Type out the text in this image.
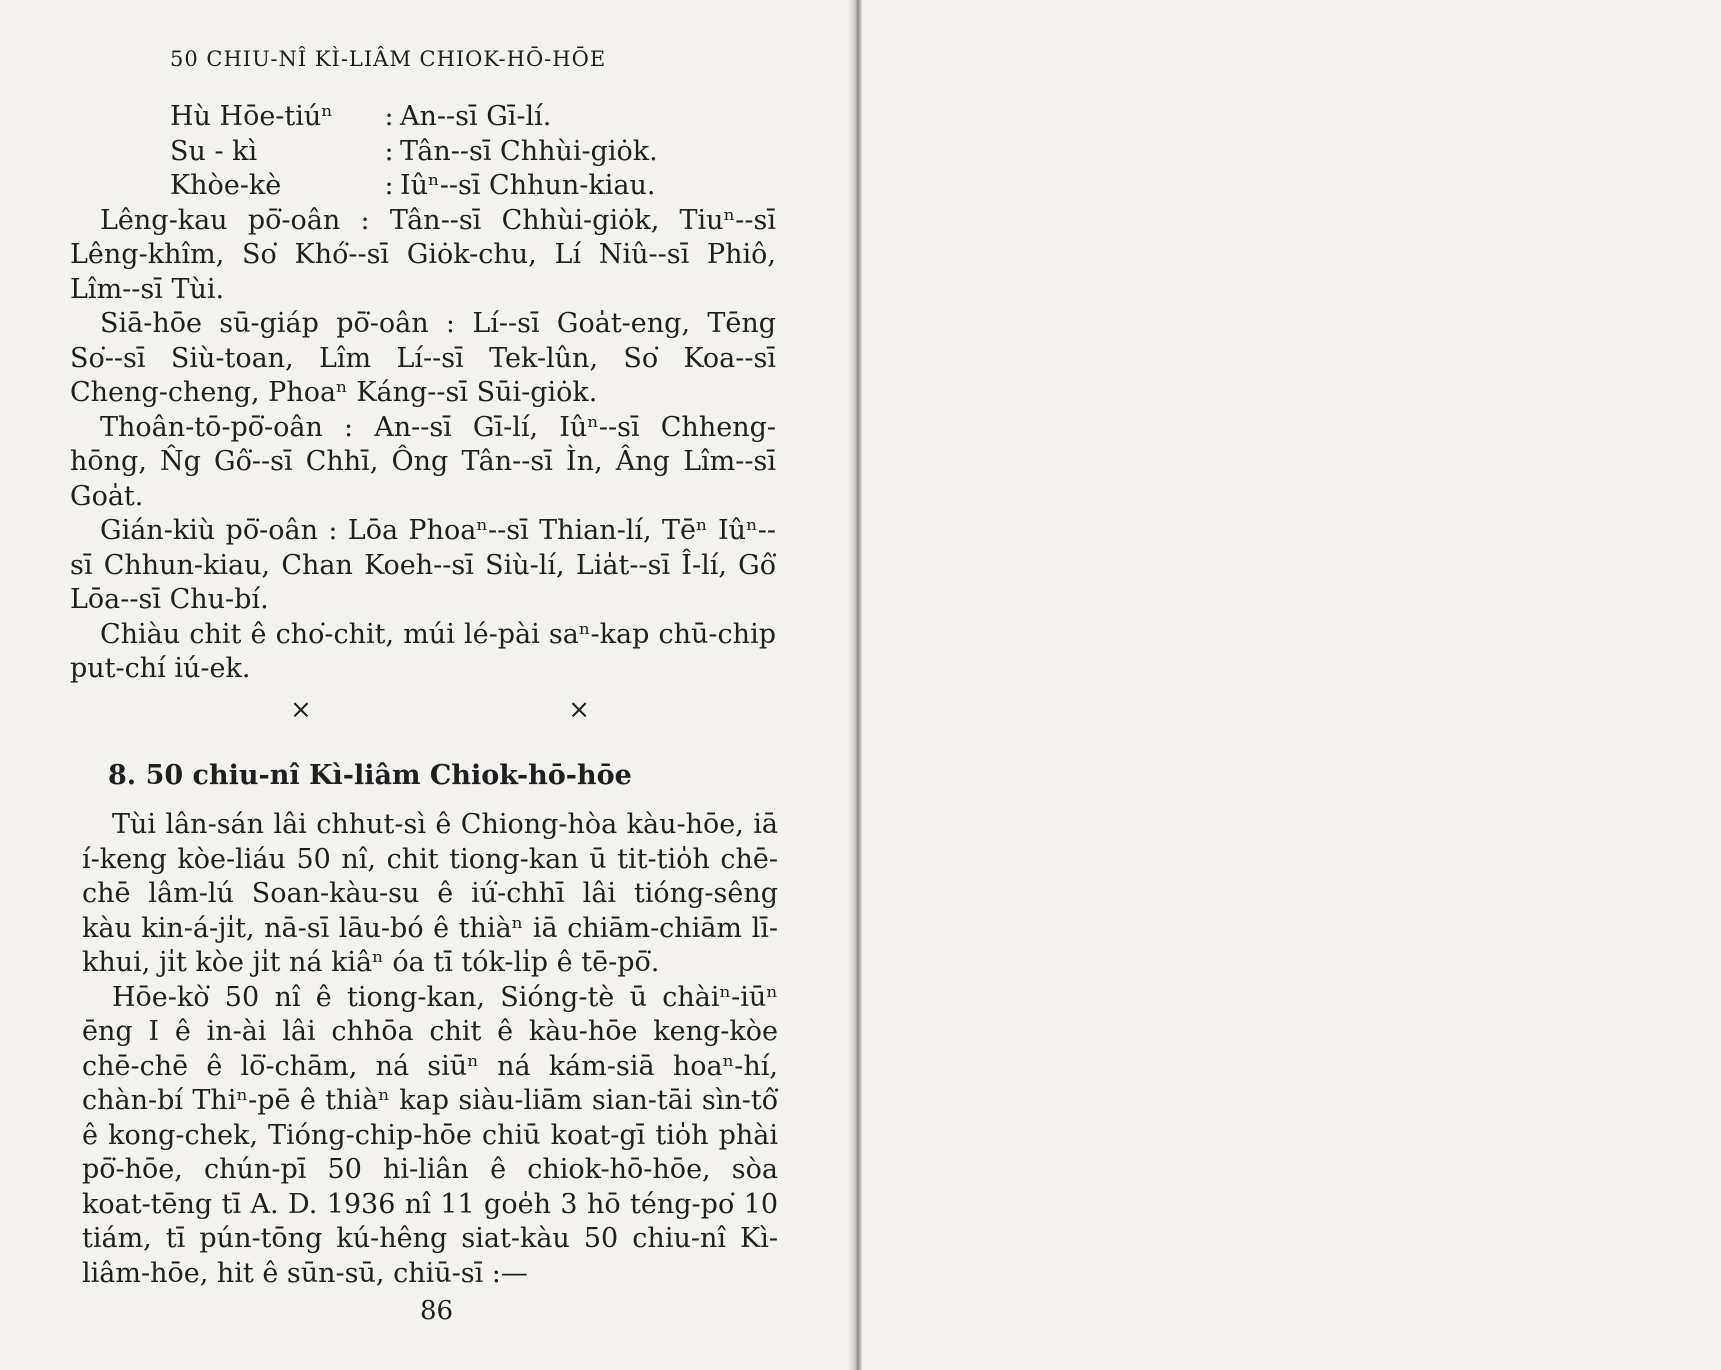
50 CHIU-NÎ KÌ-LIÂM CHIOK-HŌ-HŌE
Hù Hōe-tiúⁿ	: An--sī Gī-lí.
Su - kì	: Tân--sī Chhùi-giȯk.
Khòe-kè	: Iûⁿ--sī Chhun-kiau.

Lêng-kau pō͘-oân : Tân--sī Chhùi-giȯk, Tiuⁿ--sī Lêng-khîm, So͘ Khó͘--sī Giȯk-chu, Lí Niû--sī Phiô, Lîm--sī Tùi.

Siā-hōe sū-giáp pō͘-oân : Lí--sī Goa̍t-eng, Tēng So͘--sī Siù-toan, Lîm Lí--sī Tek-lûn, So͘ Koa--sī Cheng-cheng, Phoaⁿ Káng--sī Sūi-giȯk.

Thoân-tō-pō͘-oân : An--sī Gī-lí, Iûⁿ--sī Chheng-hōng, N̂g Gô͘--sī Chhī, Ông Tân--sī Ìn, Âng Lîm--sī Goa̍t.

Gián-kiù pō͘-oân : Lōa Phoaⁿ--sī Thian-lí, Tēⁿ Iûⁿ--sī Chhun-kiau, Chan Koeh--sī Siù-lí, Lia̍t--sī Î-lí, Gô͘ Lōa--sī Chu-bí.

Chiàu chit ê cho͘-chit, múi lé-pài saⁿ-kap chū-chip put-chí iú-ek.

×	×
8. 50 chiu-nî Kì-liâm Chiok-hō-hōe

Tùi lân-sán lâi chhut-sì ê Chiong-hòa kàu-hōe, iā í-keng kòe-liáu 50 nî, chit tiong-kan ū tit-tio̍h chē-chē lâm-lú Soan-kàu-su ê iú͘-chhī lâi tióng-sêng kàu kin-á-ji̍t, nā-sī lāu-bó ê thiàⁿ iā chiām-chiām lī-khui, ji̍t kòe ji̍t ná kiâⁿ óa tī tók-li̍p ê tē-pō͘.

Hōe-kò͘ 50 nî ê tiong-kan, Sióng-tè ū chàiⁿ-iūⁿ ēng I ê in-ài lâi chhōa chit ê kàu-hōe keng-kòe chē-chē ê lō͘-chām, ná siūⁿ ná kám-siā hoaⁿ-hí, chàn-bí Thiⁿ-pē ê thiàⁿ kap siàu-liām sian-tāi sìn-tô͘ ê kong-chek, Tióng-chip-hōe chiū koat-gī tio̍h phài pō͘-hōe, chún-pī 50 hi-liân ê chiok-hō-hōe, sòa koat-tēng tī A. D. 1936 nî 11 goe̍h 3 hō téng-po͘ 10 tiám, tī pún-tōng kú-hêng siat-kàu 50 chiu-nî Kì-liâm-hōe, hit ê sūn-sū, chiū-sī :—

86
